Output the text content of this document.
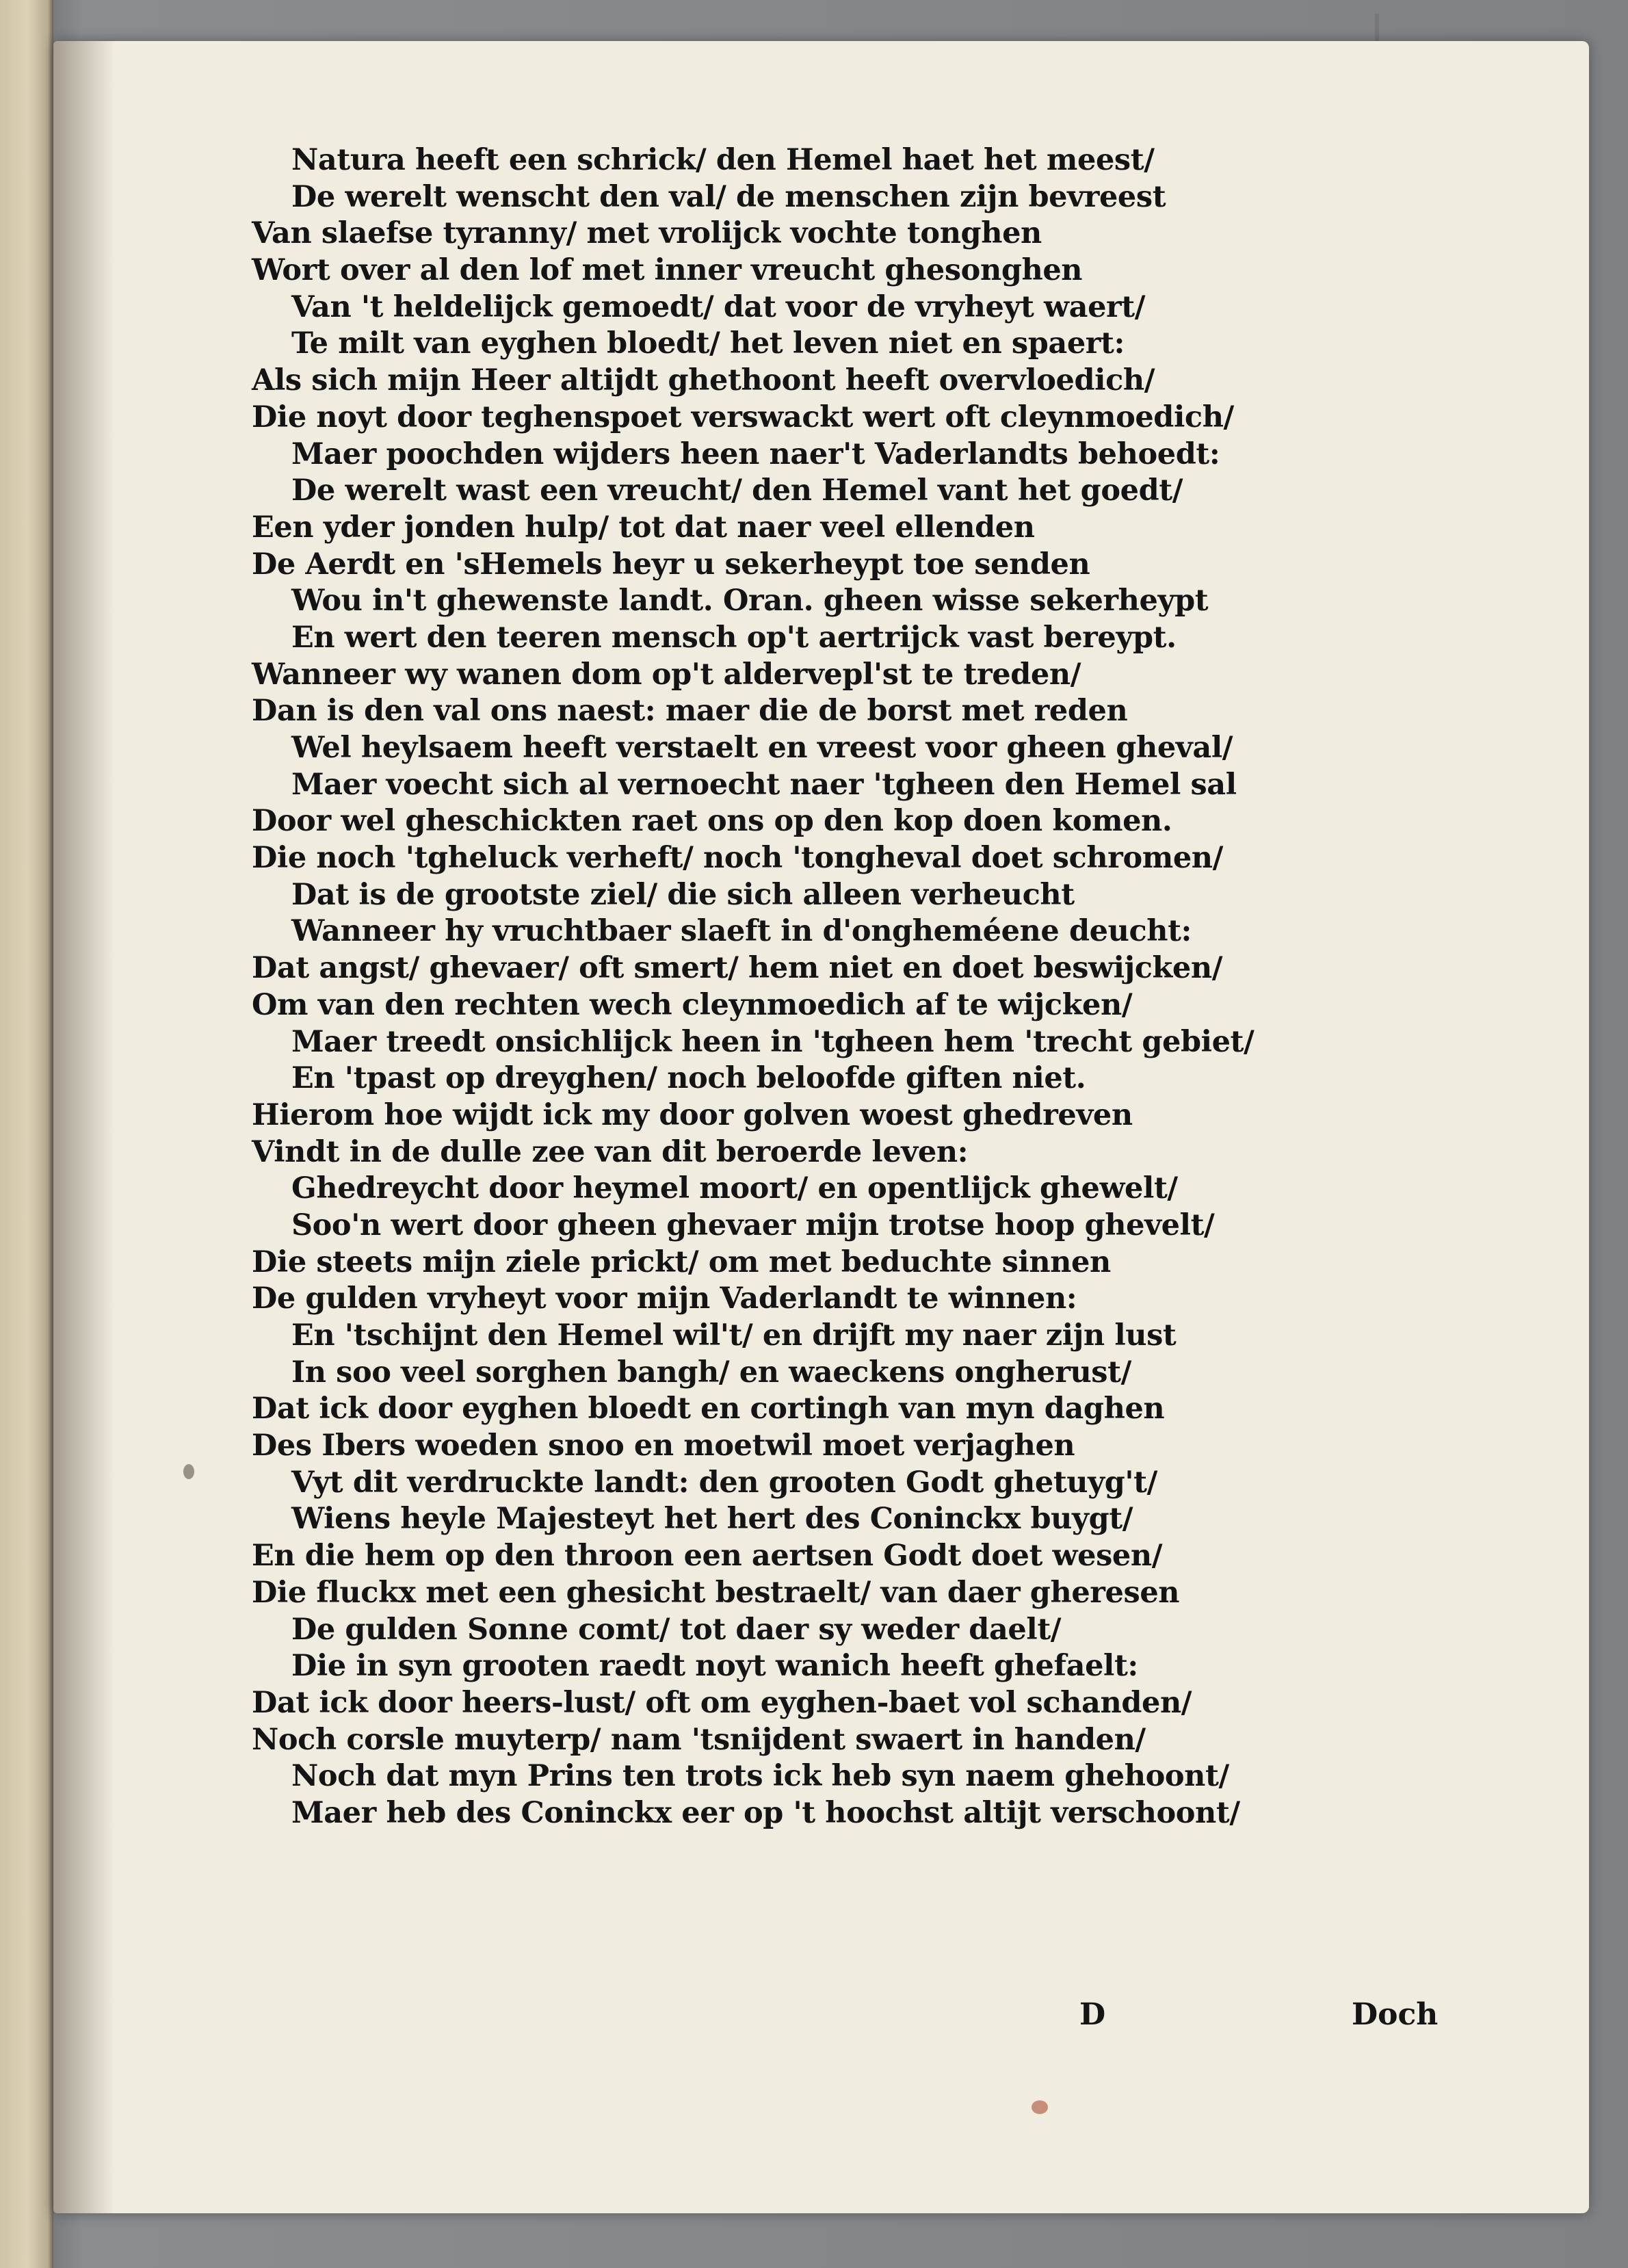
Natura heeft een schrick/ den Hemel haet het meest/
De werelt wenscht den val/ de menschen zijn bevreest
Van slaefse tyranny/ met vrolijck vochte tonghen
Wort over al den lof met inner vreucht ghesonghen
Van 't heldelijck gemoedt/ dat voor de vryheyt waert/
Te milt van eyghen bloedt/ het leven niet en spaert:
Als sich mijn Heer altijdt ghethoont heeft overvloedich/
Die noyt door teghenspoet verswackt wert oft cleynmoedich/
Maer poochden wijders heen naer't Vaderlandts behoedt:
De werelt wast een vreucht/ den Hemel vant het goedt/
Een yder jonden hulp/ tot dat naer veel ellenden
De Aerdt en 'sHemels heyr u sekerheypt toe senden
Wou in't ghewenste landt. Oran. gheen wisse sekerheypt
En wert den teeren mensch op't aertrijck vast bereypt.
Wanneer wy wanen dom op't aldervepl'st te treden/
Dan is den val ons naest: maer die de borst met reden
Wel heylsaem heeft verstaelt en vreest voor gheen gheval/
Maer voecht sich al vernoecht naer 'tgheen den Hemel sal
Door wel gheschickten raet ons op den kop doen komen.
Die noch 'tgheluck verheft/ noch 'tongheval doet schromen/
Dat is de grootste ziel/ die sich alleen verheucht
Wanneer hy vruchtbaer slaeft in d'ongheméene deucht:
Dat angst/ ghevaer/ oft smert/ hem niet en doet beswijcken/
Om van den rechten wech cleynmoedich af te wijcken/
Maer treedt onsichlijck heen in 'tgheen hem 'trecht gebiet/
En 'tpast op dreyghen/ noch beloofde giften niet.
Hierom hoe wijdt ick my door golven woest ghedreven
Vindt in de dulle zee van dit beroerde leven:
Ghedreycht door heymel moort/ en opentlijck ghewelt/
Soo'n wert door gheen ghevaer mijn trotse hoop ghevelt/
Die steets mijn ziele prickt/ om met beduchte sinnen
De gulden vryheyt voor mijn Vaderlandt te winnen:
En 'tschijnt den Hemel wil't/ en drijft my naer zijn lust
In soo veel sorghen bangh/ en waeckens ongherust/
Dat ick door eyghen bloedt en cortingh van myn daghen
Des Ibers woeden snoo en moetwil moet verjaghen
Vyt dit verdruckte landt: den grooten Godt ghetuyg't/
Wiens heyle Majesteyt het hert des Coninckx buygt/
En die hem op den throon een aertsen Godt doet wesen/
Die fluckx met een ghesicht bestraelt/ van daer gheresen
De gulden Sonne comt/ tot daer sy weder daelt/
Die in syn grooten raedt noyt wanich heeft ghefaelt:
Dat ick door heers-lust/ oft om eyghen-baet vol schanden/
Noch corsle muyterp/ nam 'tsnijdent swaert in handen/
Noch dat myn Prins ten trots ick heb syn naem ghehoont/
Maer heb des Coninckx eer op 't hoochst altijt verschoont/
D	Doch
